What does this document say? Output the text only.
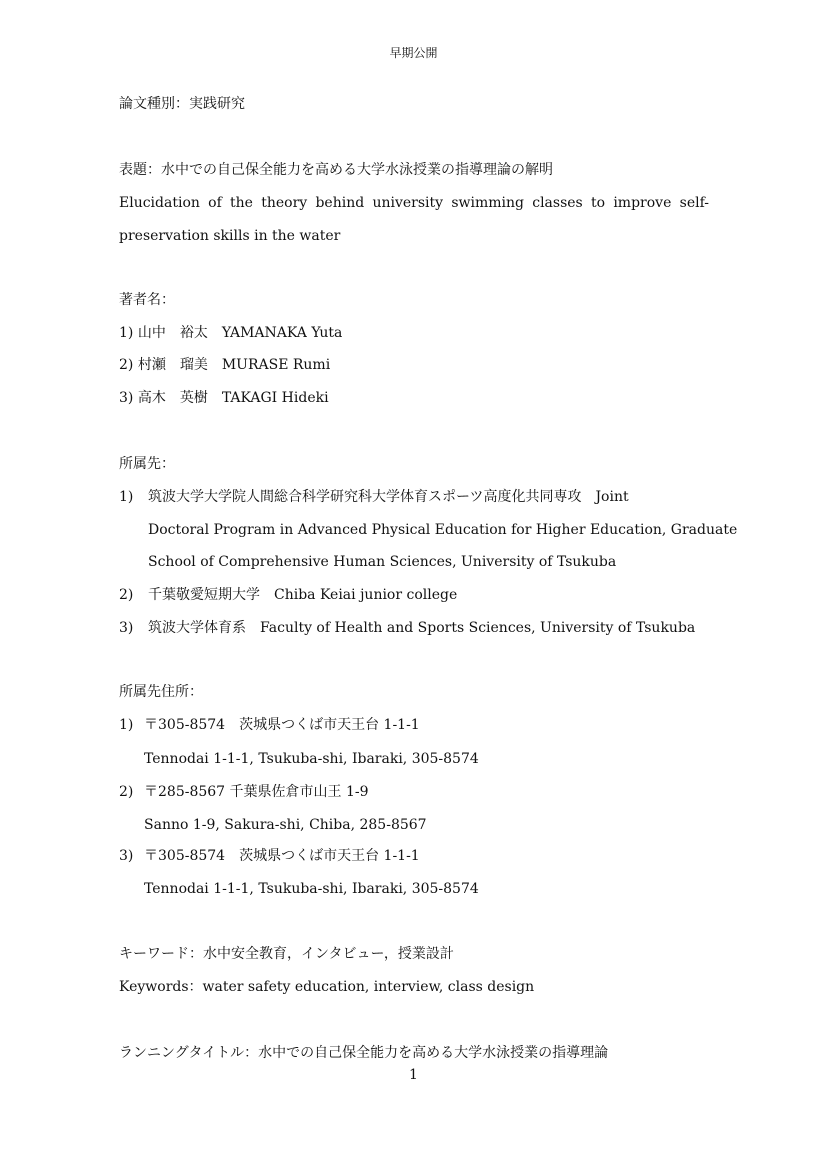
早期公開
論文種別：実践研究
表題：水中での自己保全能力を高める大学水泳授業の指導理論の解明
Elucidation of the theory behind university swimming classes to improve self-
preservation skills in the water
著者名：
1) 山中　裕太　YAMANAKA Yuta
2) 村瀬　瑠美　MURASE Rumi
3) 高木　英樹　TAKAGI Hideki
所属先：
1) 筑波大学大学院人間総合科学研究科大学体育スポーツ高度化共同専攻　Joint
Doctoral Program in Advanced Physical Education for Higher Education, Graduate
School of Comprehensive Human Sciences, University of Tsukuba
2) 千葉敬愛短期大学　Chiba Keiai junior college
3) 筑波大学体育系　Faculty of Health and Sports Sciences, University of Tsukuba
所属先住所：
1) 〒305-8574　茨城県つくば市天王台 1-1-1
Tennodai 1-1-1, Tsukuba-shi, Ibaraki, 305-8574
2) 〒285-8567 千葉県佐倉市山王 1-9
Sanno 1-9, Sakura-shi, Chiba, 285-8567
3) 〒305-8574　茨城県つくば市天王台 1-1-1
Tennodai 1-1-1, Tsukuba-shi, Ibaraki, 305-8574
キーワード：水中安全教育，インタビュー，授業設計
Keywords：water safety education, interview, class design
ランニングタイトル：水中での自己保全能力を高める大学水泳授業の指導理論
1
